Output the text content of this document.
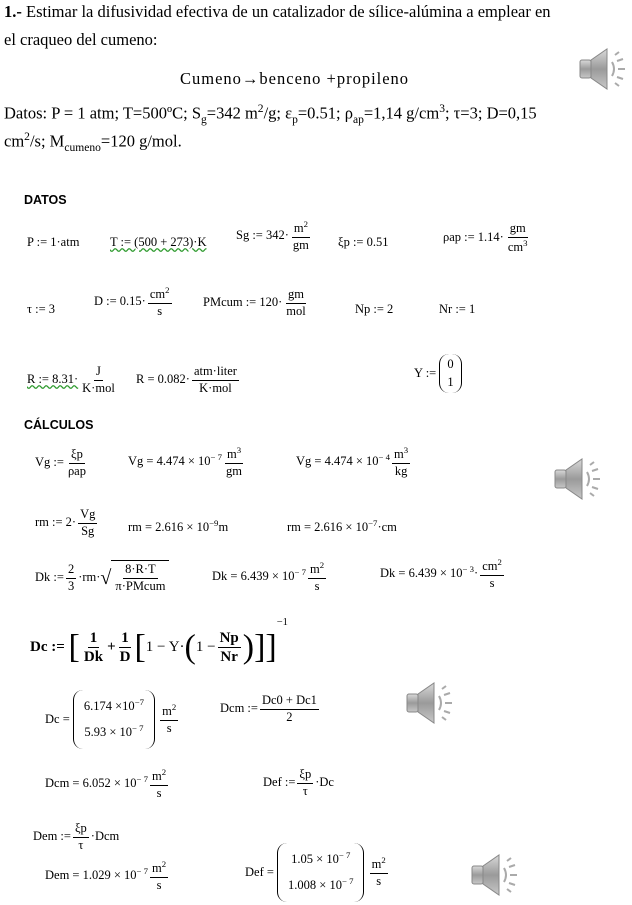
1.- Estimar la difusividad efectiva de un catalizador de sílice-alúmina a emplear en
el craqueo del cumeno:
Cumeno→benceno +propileno
Datos: P = 1 atm; T=500ºC; $S_g=342$ $m^2/g$; $\varepsilon_p=0.51$; $\rho_{ap}=1,14$ $g/cm^3$; τ=3; D=0,15
$cm^2/s$; $M_{cumeno}=120$ g/mol.
DATOS
P := 1·atm T := (500 + 273)·K Sg := $342\cdot \frac{m^2}{gm}$ ξp := 0.51	ρap := $1.14\cdot \frac{gm}{cm^3}$
τ := 3
D := $0.15\cdot \frac{cm^2}{s}$	PMcum := $120\cdot \frac{gm}{\text{mol}}$	Np := 2	Nr := 1
R := $8.31\cdot \frac{J}{\text{K·mol}}$ $R = 0.082\cdot \frac{\text{atm·liter}}{\text{K·mol}}$	Y :=
0
1
CÁLCULOS
Vg := $\frac{\xi p}{\text{ρap}}$	$Vg = 4.474 \times 10^{- 7} \frac{m^3}{gm}$	$Vg = 4.474 \times 10^{- 4} \frac{m^3}{kg}$
rm := $2\cdot \frac{Vg}{Sg}$ rm = $2.616 \times 10^{-9}m$	rm = $2.616 \times 10^{-7}\cdot cm$
Dk := $\frac{2}{3} \cdot rm\cdot√ \frac{8\cdot R\cdot T}{\text{π·PMcum}}$	$Dk = 6.439 \times 10^{- 7} \frac{m^2}{s}$	$Dk = 6.439 \times 10^{- 3}\cdot \frac{cm^2}{s}$
Dc := [ $\frac{1}{Dk} + \frac{1}{D} [1 - Y\cdot(1 - \frac{Np}{Nr} )]]^{-1}$
Dc =
$6.174 \times 10^{-7}$
$5.93 \times 10^{- 7}$
$\frac{m^2}{s}$	Dcm := $\frac{Dc0 + Dc1}{2}$
Dcm = $6.052 \times 10^{- 7} \frac{m^2}{s}$	Def := $\frac{\xi p}{\tau} \cdot Dc$
Dem := $\frac{\xi p}{\tau} \cdot Dcm$
Dem = $1.029 \times 10^{- 7} \frac{m^2}{s}$	Def =
$1.05 \times 10^{- 7}$
$1.008 \times 10^{- 7}$
$\frac{m^2}{s}$
